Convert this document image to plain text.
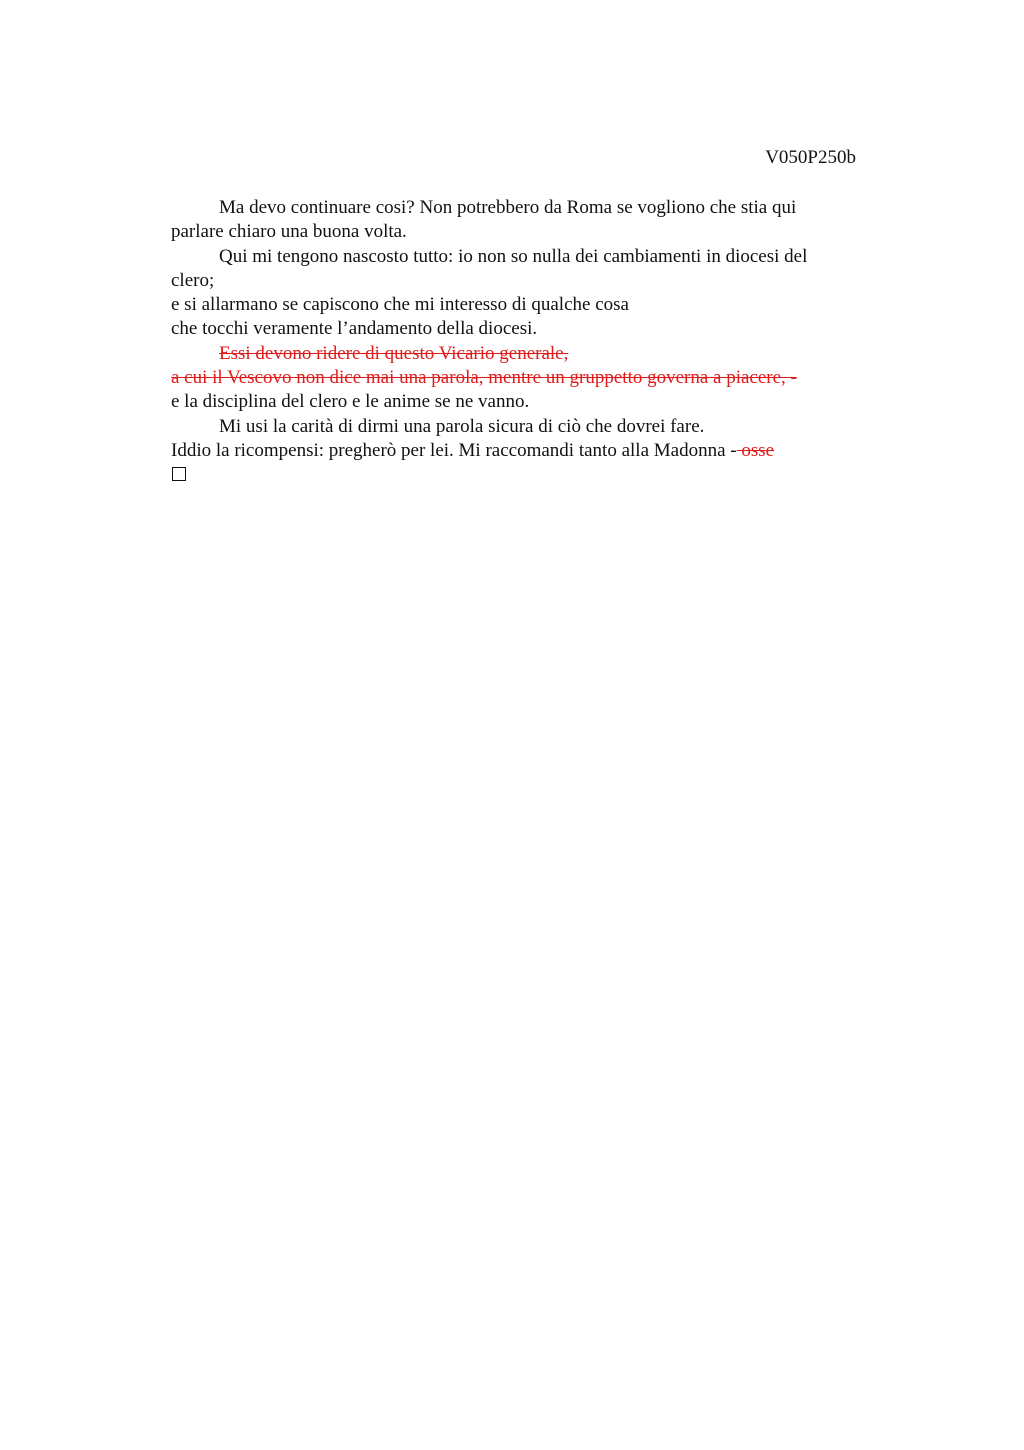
V050P250b
Ma devo continuare cosi? Non potrebbero da Roma se vogliono che stia qui
parlare chiaro una buona volta.
Qui mi tengono nascosto tutto: io non so nulla dei cambiamenti in diocesi del
clero;
e si allarmano se capiscono che mi interesso di qualche cosa
che tocchi veramente l’andamento della diocesi.
Essi devono ridere di questo Vicario generale,
a cui il Vescovo non dice mai una parola, mentre un gruppetto governa a piacere, -
e la disciplina del clero e le anime se ne vanno.
Mi usi la carità di dirmi una parola sicura di ciò che dovrei fare.
Iddio la ricompensi: pregherò per lei. Mi raccomandi tanto alla Madonna - osse
